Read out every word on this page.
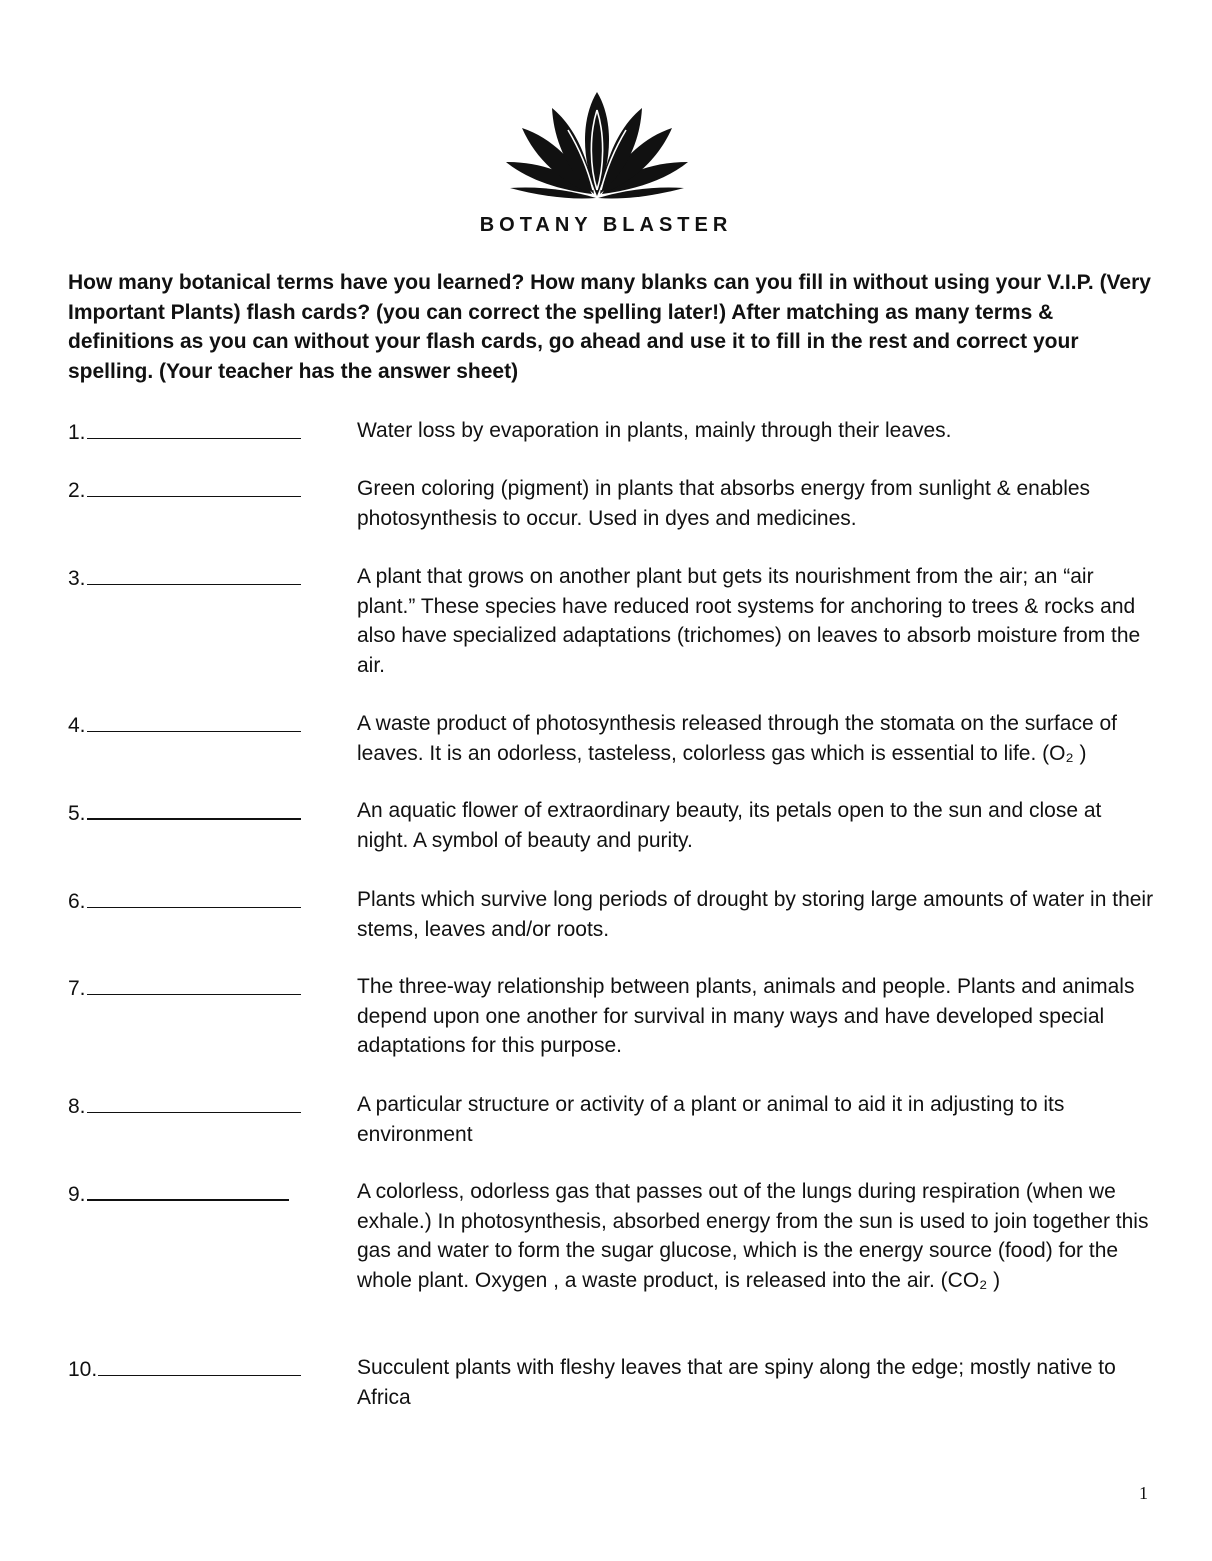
BOTANY BLASTER

How many botanical terms have you learned? How many blanks can you fill in without using your V.I.P. (Very Important Plants) flash cards? (you can correct the spelling later!) After matching as many terms & definitions as you can without your flash cards, go ahead and use it to fill in the rest and correct your spelling. (Your teacher has the answer sheet)

1.	Water loss by evaporation in plants, mainly through their leaves.

2.	Green coloring (pigment) in plants that absorbs energy from sunlight & enables photosynthesis to occur. Used in dyes and medicines.

3.	A plant that grows on another plant but gets its nourishment from the air; an “air plant.” These species have reduced root systems for anchoring to trees & rocks and also have specialized adaptations (trichomes) on leaves to absorb moisture from the air.

4.	A waste product of photosynthesis released through the stomata on the surface of leaves. It is an odorless, tasteless, colorless gas which is essential to life. (O₂ )

5.	An aquatic flower of extraordinary beauty, its petals open to the sun and close at night. A symbol of beauty and purity.

6.	Plants which survive long periods of drought by storing large amounts of water in their stems, leaves and/or roots.

7.	The three-way relationship between plants, animals and people. Plants and animals depend upon one another for survival in many ways and have developed special adaptations for this purpose.

8.	A particular structure or activity of a plant or animal to aid it in adjusting to its environment

9.	A colorless, odorless gas that passes out of the lungs during respiration (when we exhale.) In photosynthesis, absorbed energy from the sun is used to join together this gas and water to form the sugar glucose, which is the energy source (food) for the whole plant. Oxygen , a waste product, is released into the air. (CO₂ )

10.	Succulent plants with fleshy leaves that are spiny along the edge; mostly native to Africa

1
